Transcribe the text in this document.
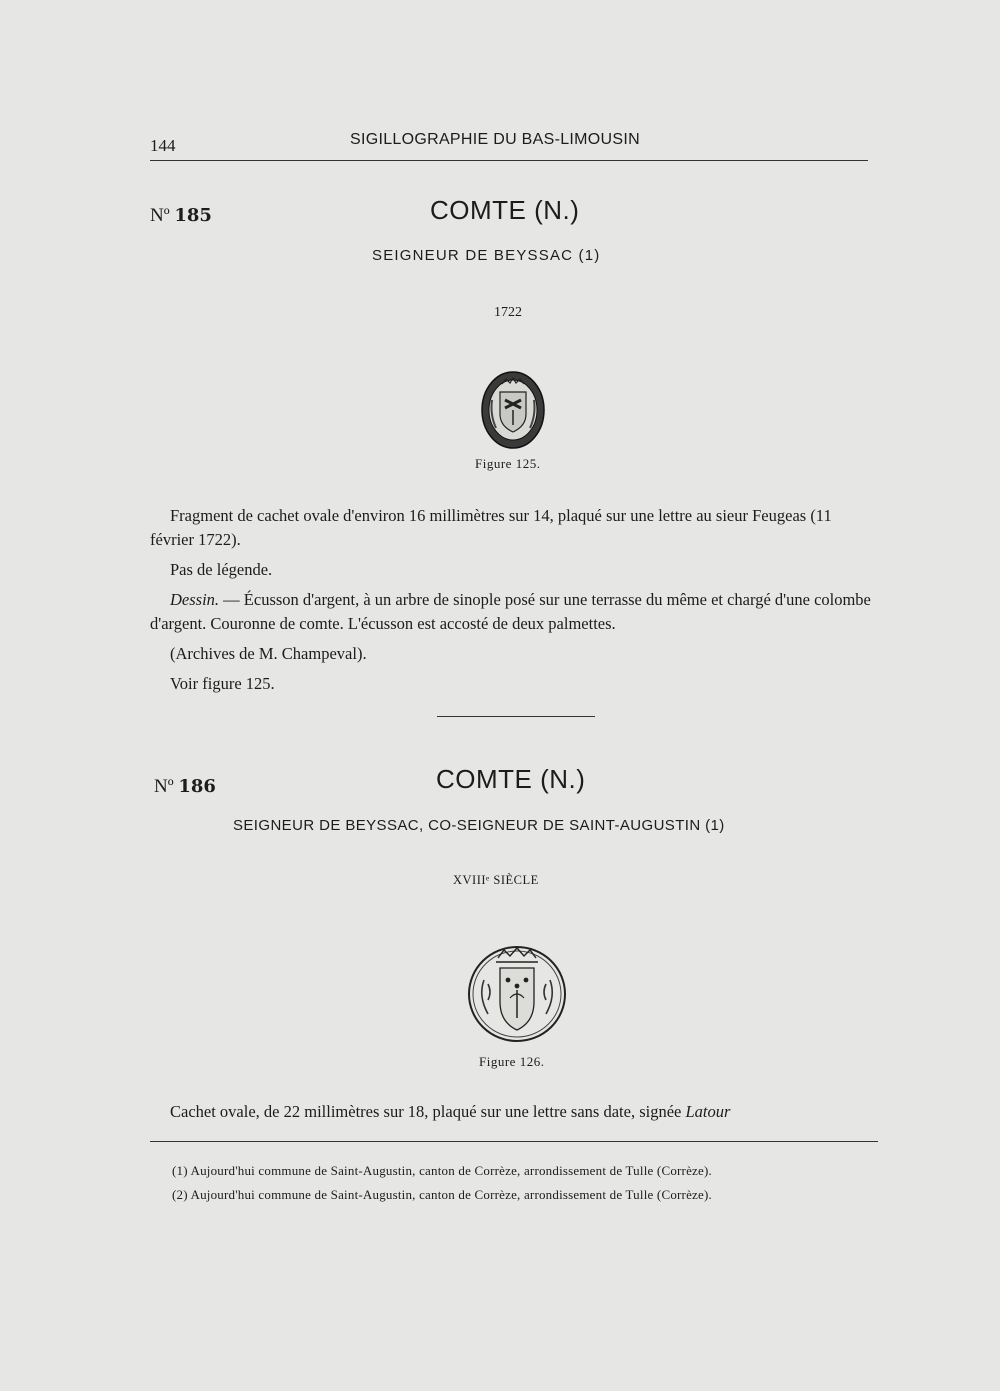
144	SIGILLOGRAPHIE DU BAS-LIMOUSIN
Nº 185	COMTE (N.)
SEIGNEUR DE BEYSSAC (1)
1722
Figure 125.

Fragment de cachet ovale d'environ 16 millimètres sur 14, plaqué sur une lettre au sieur Feugeas (11 février 1722).

Pas de légende.

Dessin. — Écusson d'argent, à un arbre de sinople posé sur une terrasse du même et chargé d'une colombe d'argent. Couronne de comte. L'écusson est accosté de deux palmettes.

(Archives de M. Champeval).

Voir figure 125.

Nº 186	COMTE (N.)
SEIGNEUR DE BEYSSAC, CO-SEIGNEUR DE SAINT-AUGUSTIN (1)
XVIIIᵉ SIÈCLE
Figure 126.

Cachet ovale, de 22 millimètres sur 18, plaqué sur une lettre sans date, signée Latour

(1) Aujourd'hui commune de Saint-Augustin, canton de Corrèze, arrondissement de Tulle (Corrèze).
(2) Aujourd'hui commune de Saint-Augustin, canton de Corrèze, arrondissement de Tulle (Corrèze).
